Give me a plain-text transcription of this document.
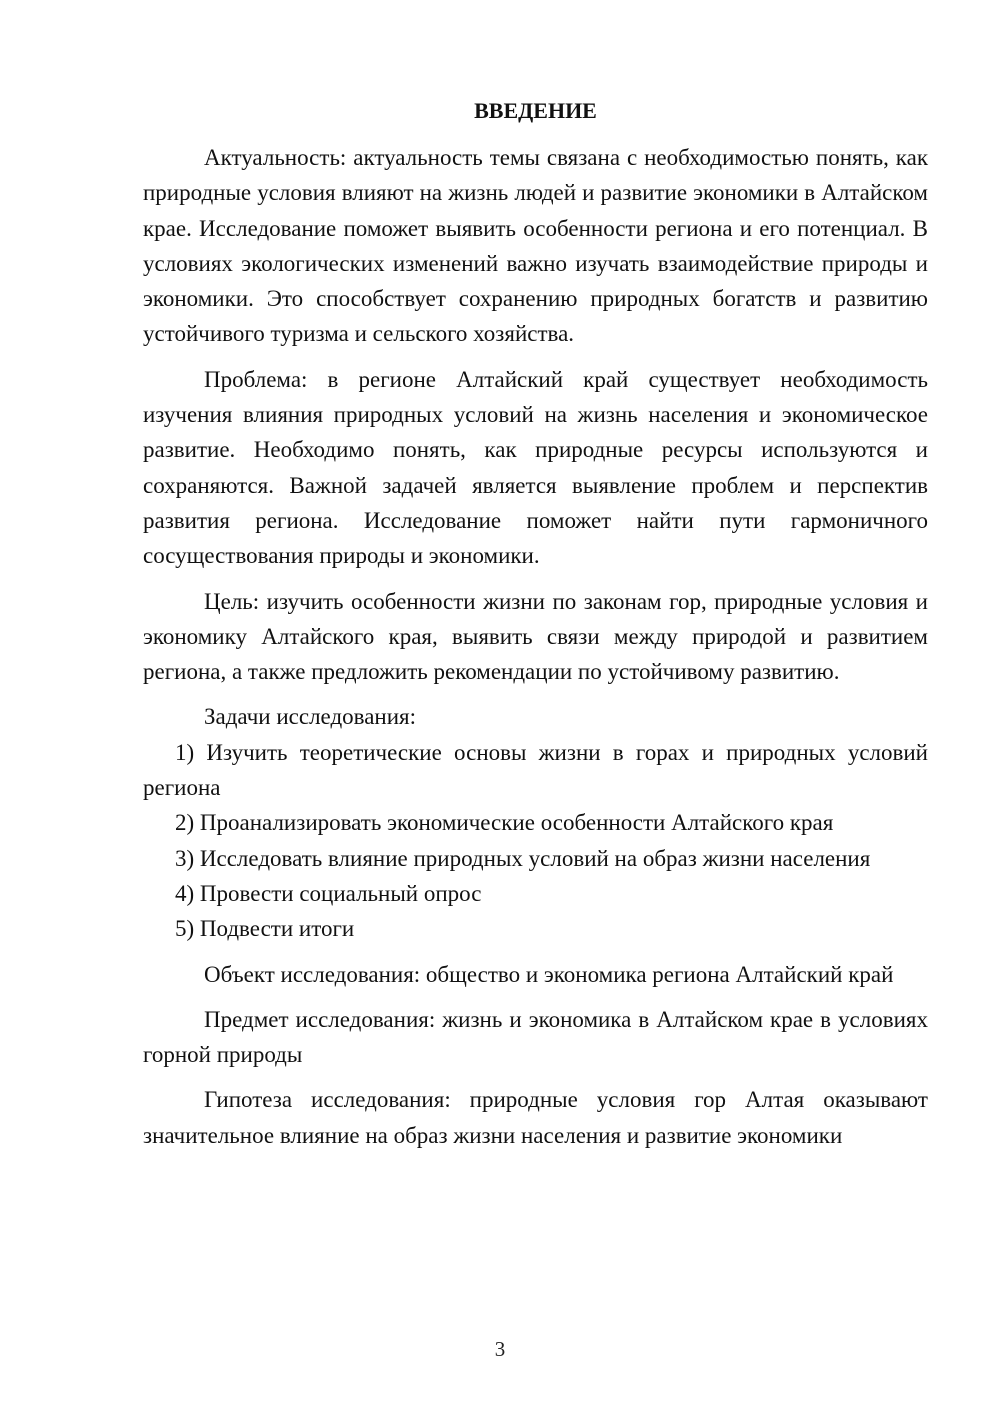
ВВЕДЕНИЕ

Актуальность: актуальность темы связана с необходимостью понять, как природные условия влияют на жизнь людей и развитие экономики в Алтайском крае. Исследование поможет выявить особенности региона и его потенциал. В условиях экологических изменений важно изучать взаимодействие природы и экономики. Это способствует сохранению природных богатств и развитию устойчивого туризма и сельского хозяйства.

Проблема: в регионе Алтайский край существует необходимость изучения влияния природных условий на жизнь населения и экономическое развитие. Необходимо понять, как природные ресурсы используются и сохраняются. Важной задачей является выявление проблем и перспектив развития региона. Исследование поможет найти пути гармоничного сосуществования природы и экономики.

Цель: изучить особенности жизни по законам гор, природные условия и экономику Алтайского края, выявить связи между природой и развитием региона, а также предложить рекомендации по устойчивому развитию.

Задачи исследования:

1) Изучить теоретические основы жизни в горах и природных условий региона

2) Проанализировать экономические особенности Алтайского края

3) Исследовать влияние природных условий на образ жизни населения

4) Провести социальный опрос

5) Подвести итоги

Объект исследования: общество и экономика региона Алтайский край

Предмет исследования: жизнь и экономика в Алтайском крае в условиях горной природы

Гипотеза исследования: природные условия гор Алтая оказывают значительное влияние на образ жизни населения и развитие экономики

3
